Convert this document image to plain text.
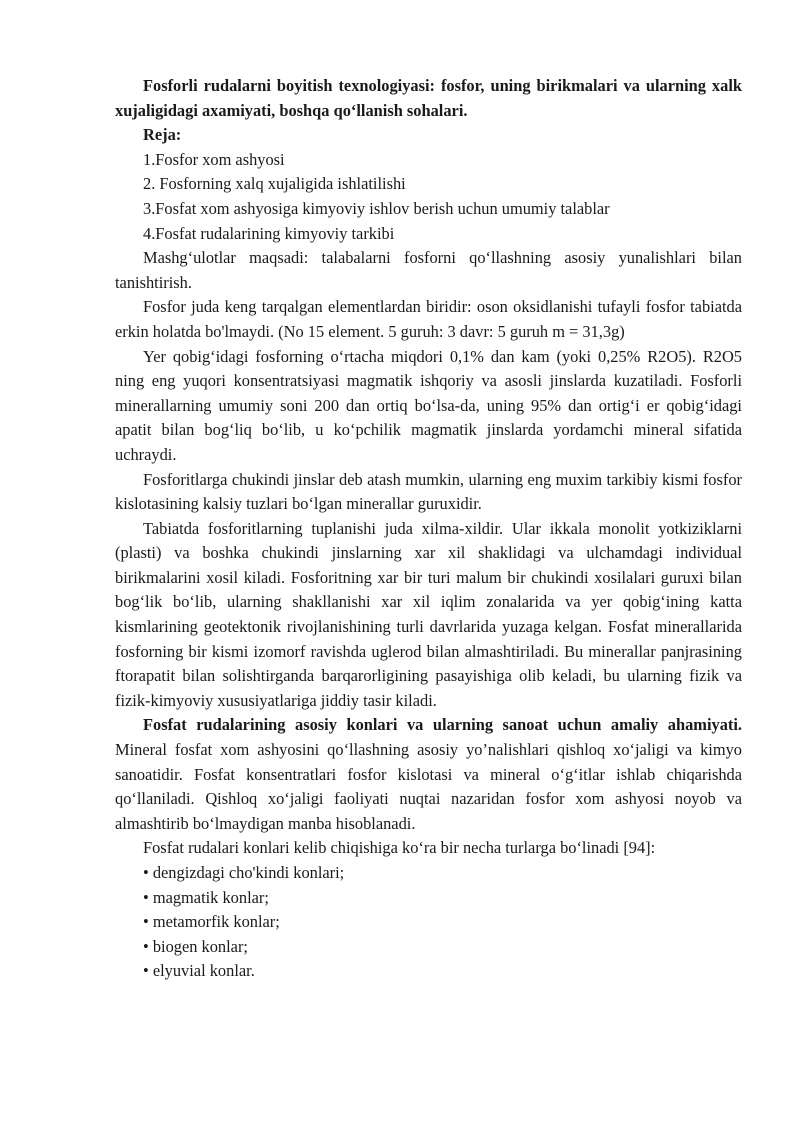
Fosforli rudalarni boyitish texnologiyasi: fosfor, uning birikmalari va ularning xalk xujaligidagi axamiyati, boshqa qo‘llanish sohalari.

Reja:
1.Fosfor xom ashyosi
2. Fosforning xalq xujaligida ishlatilishi
3.Fosfat xom ashyosiga kimyoviy ishlov berish uchun umumiy talablar
4.Fosfat rudalarining kimyoviy tarkibi

Mashg‘ulotlar maqsadi: talabalarni fosforni qo‘llashning asosiy yunalishlari bilan tanishtirish.

Fosfor juda keng tarqalgan elementlardan biridir: oson oksidlanishi tufayli fosfor tabiatda erkin holatda bo'lmaydi. (No 15 element. 5 guruh: 3 davr: 5 guruh m = 31,3g)

Yer qobig‘idagi fosforning o‘rtacha miqdori 0,1% dan kam (yoki 0,25% R2O5). R2O5 ning eng yuqori konsentratsiyasi magmatik ishqoriy va asosli jinslarda kuzatiladi. Fosforli minerallarning umumiy soni 200 dan ortiq bo‘lsa-da, uning 95% dan ortig‘i er qobig‘idagi apatit bilan bog‘liq bo‘lib, u ko‘pchilik magmatik jinslarda yordamchi mineral sifatida uchraydi.

Fosforitlarga chukindi jinslar deb atash mumkin, ularning eng muxim tarkibiy kismi fosfor kislotasining kalsiy tuzlari bo‘lgan minerallar guruxidir.

Tabiatda fosforitlarning tuplanishi juda xilma-xildir. Ular ikkala monolit yotkiziklarni (plasti) va boshka chukindi jinslarning xar xil shaklidagi va ulchamdagi individual birikmalarini xosil kiladi. Fosforitning xar bir turi malum bir chukindi xosilalari guruxi bilan bog‘lik bo‘lib, ularning shakllanishi xar xil iqlim zonalarida va yer qobig‘ining katta kismlarining geotektonik rivojlanishining turli davrlarida yuzaga kelgan. Fosfat minerallarida fosforning bir kismi izomorf ravishda uglerod bilan almashtiriladi. Bu minerallar panjrasining ftorapatit bilan solishtirganda barqarorligining pasayishiga olib keladi, bu ularning fizik va fizik-kimyoviy xususiyatlariga jiddiy tasir kiladi.

Fosfat rudalarining asosiy konlari va ularning sanoat uchun amaliy ahamiyati. Mineral fosfat xom ashyosini qo‘llashning asosiy yo’nalishlari qishloq xo‘jaligi va kimyo sanoatidir. Fosfat konsentratlari fosfor kislotasi va mineral o‘g‘itlar ishlab chiqarishda qo‘llaniladi. Qishloq xo‘jaligi faoliyati nuqtai nazaridan fosfor xom ashyosi noyob va almashtirib bo‘lmaydigan manba hisoblanadi.

Fosfat rudalari konlari kelib chiqishiga ko‘ra bir necha turlarga bo‘linadi [94]:

• dengizdagi cho'kindi konlari;
• magmatik konlar;
• metamorfik konlar;
• biogen konlar;
• elyuvial konlar.
